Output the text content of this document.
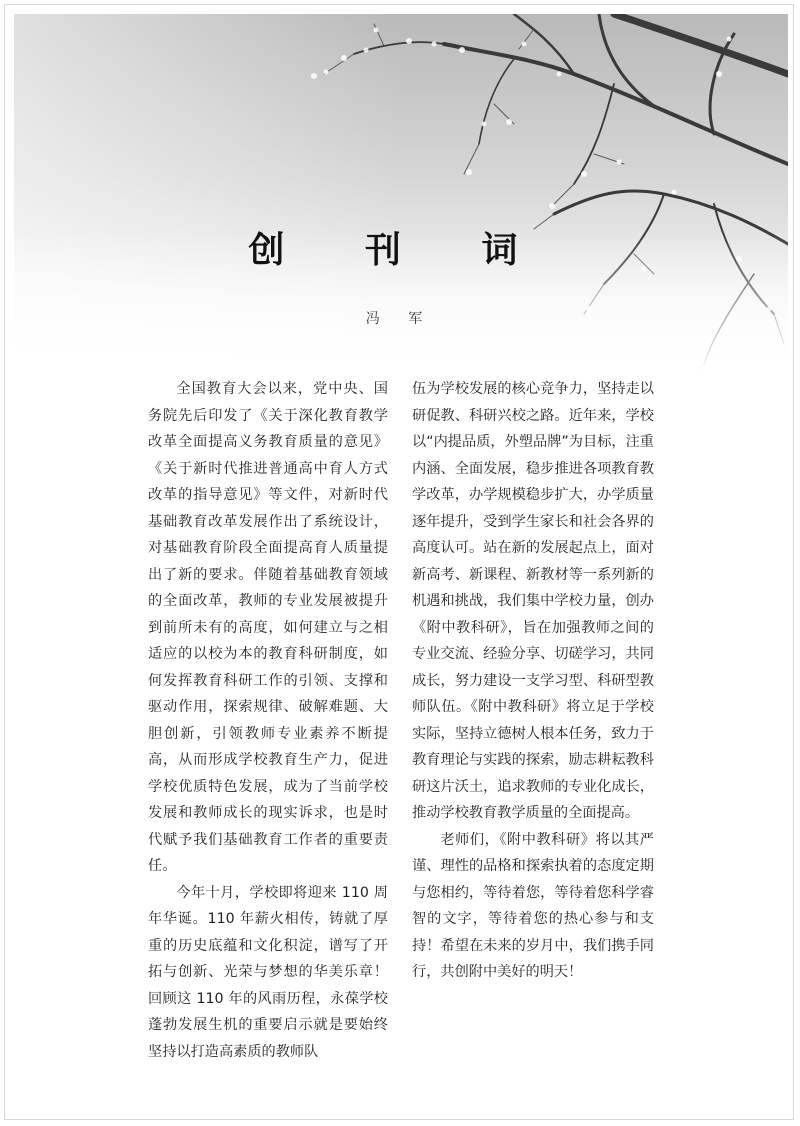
创 刊 词
冯 军

全国教育大会以来，党中央、国务院先后印发了《关于深化教育教学改革全面提高义务教育质量的意见》《关于新时代推进普通高中育人方式改革的指导意见》等文件，对新时代基础教育改革发展作出了系统设计，对基础教育阶段全面提高育人质量提出了新的要求。伴随着基础教育领域的全面改革，教师的专业发展被提升到前所未有的高度，如何建立与之相适应的以校为本的教育科研制度，如何发挥教育科研工作的引领、支撑和驱动作用，探索规律、破解难题、大胆创新，引领教师专业素养不断提高，从而形成学校教育生产力，促进学校优质特色发展，成为了当前学校发展和教师成长的现实诉求，也是时代赋予我们基础教育工作者的重要责任。

今年十月，学校即将迎来 110 周年华诞。110 年薪火相传，铸就了厚重的历史底蕴和文化积淀，谱写了开拓与创新、光荣与梦想的华美乐章！回顾这 110 年的风雨历程，永葆学校蓬勃发展生机的重要启示就是要始终坚持以打造高素质的教师队

伍为学校发展的核心竞争力，坚持走以研促教、科研兴校之路。近年来，学校以“内提品质，外塑品牌”为目标，注重内涵、全面发展，稳步推进各项教育教学改革，办学规模稳步扩大，办学质量逐年提升，受到学生家长和社会各界的高度认可。站在新的发展起点上，面对新高考、新课程、新教材等一系列新的机遇和挑战，我们集中学校力量，创办《附中教科研》，旨在加强教师之间的专业交流、经验分享、切磋学习，共同成长，努力建设一支学习型、科研型教师队伍。《附中教科研》将立足于学校实际，坚持立德树人根本任务，致力于教育理论与实践的探索，励志耕耘教科研这片沃土，追求教师的专业化成长，推动学校教育教学质量的全面提高。

老师们，《附中教科研》将以其严谨、理性的品格和探索执着的态度定期与您相约，等待着您，等待着您科学睿智的文字，等待着您的热心参与和支持！希望在未来的岁月中，我们携手同行，共创附中美好的明天！
